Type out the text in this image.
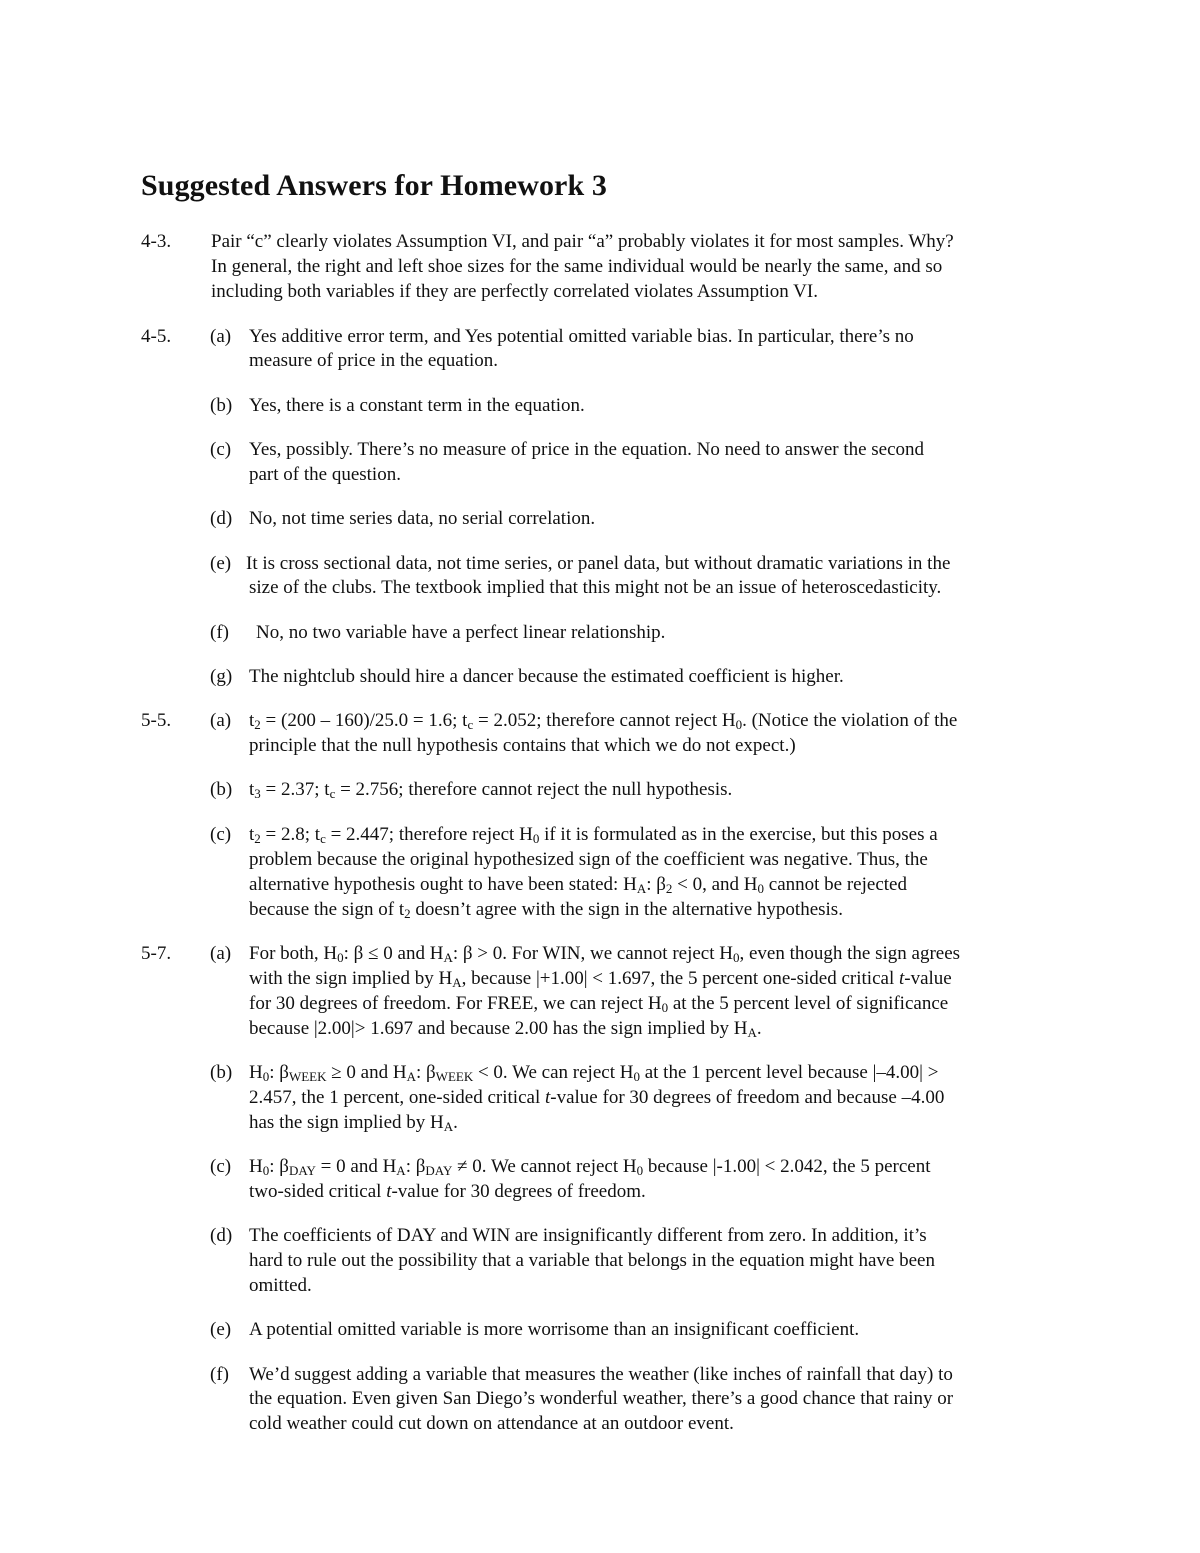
Suggested Answers for Homework 3
4-3. Pair “c” clearly violates Assumption VI, and pair “a” probably violates it for most samples. Why?
In general, the right and left shoe sizes for the same individual would be nearly the same, and so
including both variables if they are perfectly correlated violates Assumption VI.
4-5. (a) Yes additive error term, and Yes potential omitted variable bias. In particular, there’s no
measure of price in the equation.
(b) Yes, there is a constant term in the equation.
(c) Yes, possibly. There’s no measure of price in the equation. No need to answer the second
part of the question.
(d) No, not time series data, no serial correlation.
(e) It is cross sectional data, not time series, or panel data, but without dramatic variations in the
size of the clubs. The textbook implied that this might not be an issue of heteroscedasticity.
(f) No, no two variable have a perfect linear relationship.
(g) The nightclub should hire a dancer because the estimated coefficient is higher.
5-5. (a) $t_2 = (200 - 160)/25.0 = 1.6$; $t_c = 2.052$; therefore cannot reject $H_0$. (Notice the violation of the
principle that the null hypothesis contains that which we do not expect.)
(b) $t_3 = 2.37$; $t_c = 2.756$; therefore cannot reject the null hypothesis.
(c) $t_2 = 2.8$; $t_c = 2.447$; therefore reject $H_0$ if it is formulated as in the exercise, but this poses a
problem because the original hypothesized sign of the coefficient was negative. Thus, the
alternative hypothesis ought to have been stated: $H_A$: $\beta_2 < 0$, and $H_0$ cannot be rejected
because the sign of $t_2$ doesn’t agree with the sign in the alternative hypothesis.
5-7. (a) For both, $H_0$: β ≤ 0 and $H_A$: β > 0. For WIN, we cannot reject $H_0$, even though the sign agrees
with the sign implied by $H_A$, because |+1.00| < 1.697, the 5 percent one-sided critical t-value
for 30 degrees of freedom. For FREE, we can reject $H_0$ at the 5 percent level of significance
because |2.00|> 1.697 and because 2.00 has the sign implied by $H_A$.
(b) $H_0$: $\beta_{WEEK} \ge 0$ and $H_A$: $\beta_{WEEK} < 0$. We can reject $H_0$ at the 1 percent level because |–4.00| >
2.457, the 1 percent, one-sided critical t-value for 30 degrees of freedom and because –4.00
has the sign implied by $H_A$.
(c) $H_0$: $\beta_{DAY} = 0$ and $H_A$: $\beta_{DAY} \ne 0$. We cannot reject $H_0$ because |-1.00| < 2.042, the 5 percent
two-sided critical t-value for 30 degrees of freedom.
(d) The coefficients of DAY and WIN are insignificantly different from zero. In addition, it’s
hard to rule out the possibility that a variable that belongs in the equation might have been
omitted.
(e) A potential omitted variable is more worrisome than an insignificant coefficient.
(f) We’d suggest adding a variable that measures the weather (like inches of rainfall that day) to
the equation. Even given San Diego’s wonderful weather, there’s a good chance that rainy or
cold weather could cut down on attendance at an outdoor event.
